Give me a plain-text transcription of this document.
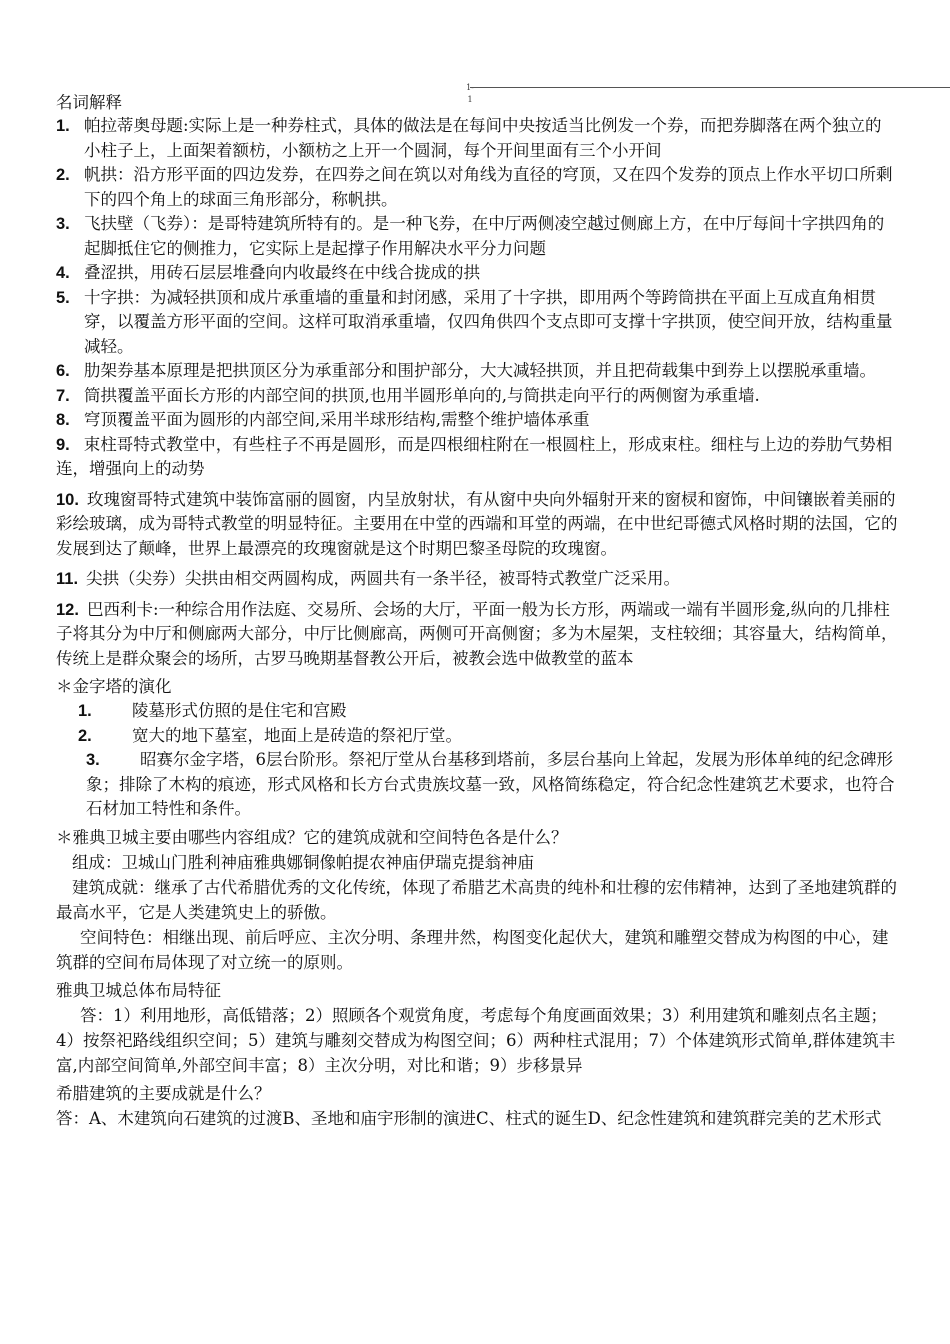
1-
1
名词解释
1. 帕拉蒂奥母题:实际上是一种券柱式，具体的做法是在每间中央按适当比例发一个券，而把券脚落在两个独立的小柱子上，上面架着额枋，小额枋之上开一个圆洞，每个开间里面有三个小开间
2. 帆拱：沿方形平面的四边发券，在四券之间在筑以对角线为直径的穹顶，又在四个发券的顶点上作水平切口所剩下的四个角上的球面三角形部分，称帆拱。
3. 飞扶壁（飞券）：是哥特建筑所特有的。是一种飞券，在中厅两侧凌空越过侧廊上方，在中厅每间十字拱四角的起脚抵住它的侧推力，它实际上是起撑子作用解决水平分力问题
4. 叠涩拱，用砖石层层堆叠向内收最终在中线合拢成的拱
5. 十字拱：为减轻拱顶和成片承重墙的重量和封闭感，采用了十字拱，即用两个等跨筒拱在平面上互成直角相贯穿，以覆盖方形平面的空间。这样可取消承重墙，仅四角供四个支点即可支撑十字拱顶，使空间开放，结构重量减轻。
6. 肋架券基本原理是把拱顶区分为承重部分和围护部分，大大减轻拱顶，并且把荷载集中到券上以摆脱承重墙。
7. 筒拱覆盖平面长方形的内部空间的拱顶,也用半圆形单向的,与筒拱走向平行的两侧窗为承重墙.
8. 穹顶覆盖平面为圆形的内部空间,采用半球形结构,需整个维护墙体承重
9. 束柱哥特式教堂中，有些柱子不再是圆形，而是四根细柱附在一根圆柱上，形成束柱。细柱与上边的券肋气势相连，增强向上的动势
10. 玫瑰窗哥特式建筑中装饰富丽的圆窗，内呈放射状，有从窗中央向外辐射开来的窗棂和窗饰，中间镶嵌着美丽的彩绘玻璃，成为哥特式教堂的明显特征。主要用在中堂的西端和耳堂的两端，在中世纪哥德式风格时期的法国，它的发展到达了颠峰，世界上最漂亮的玫瑰窗就是这个时期巴黎圣母院的玫瑰窗。
11. 尖拱（尖券）尖拱由相交两圆构成，两圆共有一条半径，被哥特式教堂广泛采用。
12. 巴西利卡:一种综合用作法庭、交易所、会场的大厅，平面一般为长方形，两端或一端有半圆形龛,纵向的几排柱子将其分为中厅和侧廊两大部分，中厅比侧廊高，两侧可开高侧窗；多为木屋架，支柱较细；其容量大，结构简单，传统上是群众聚会的场所，古罗马晚期基督教公开后，被教会选中做教堂的蓝本
＊金字塔的演化
1. 陵墓形式仿照的是住宅和宫殿
2. 宽大的地下墓室，地面上是砖造的祭祀厅堂。
3. 昭赛尔金字塔，6层台阶形。祭祀厅堂从台基移到塔前，多层台基向上耸起，发展为形体单纯的纪念碑形象；排除了木构的痕迹，形式风格和长方台式贵族坟墓一致，风格简练稳定，符合纪念性建筑艺术要求，也符合石材加工特性和条件。
＊雅典卫城主要由哪些内容组成？它的建筑成就和空间特色各是什么？
组成：卫城山门胜利神庙雅典娜铜像帕提农神庙伊瑞克提翁神庙
建筑成就：继承了古代希腊优秀的文化传统，体现了希腊艺术高贵的纯朴和壮穆的宏伟精神，达到了圣地建筑群的最高水平，它是人类建筑史上的骄傲。
空间特色：相继出现、前后呼应、主次分明、条理井然，构图变化起伏大，建筑和雕塑交替成为构图的中心，建筑群的空间布局体现了对立统一的原则。
雅典卫城总体布局特征
答：1）利用地形，高低错落；2）照顾各个观赏角度，考虑每个角度画面效果；3）利用建筑和雕刻点名主题；4）按祭祀路线组织空间；5）建筑与雕刻交替成为构图空间；6）两种柱式混用；7）个体建筑形式简单,群体建筑丰富,内部空间简单,外部空间丰富；8）主次分明，对比和谐；9）步移景异
希腊建筑的主要成就是什么？
答：A、木建筑向石建筑的过渡B、圣地和庙宇形制的演进C、柱式的诞生D、纪念性建筑和建筑群完美的艺术形式
